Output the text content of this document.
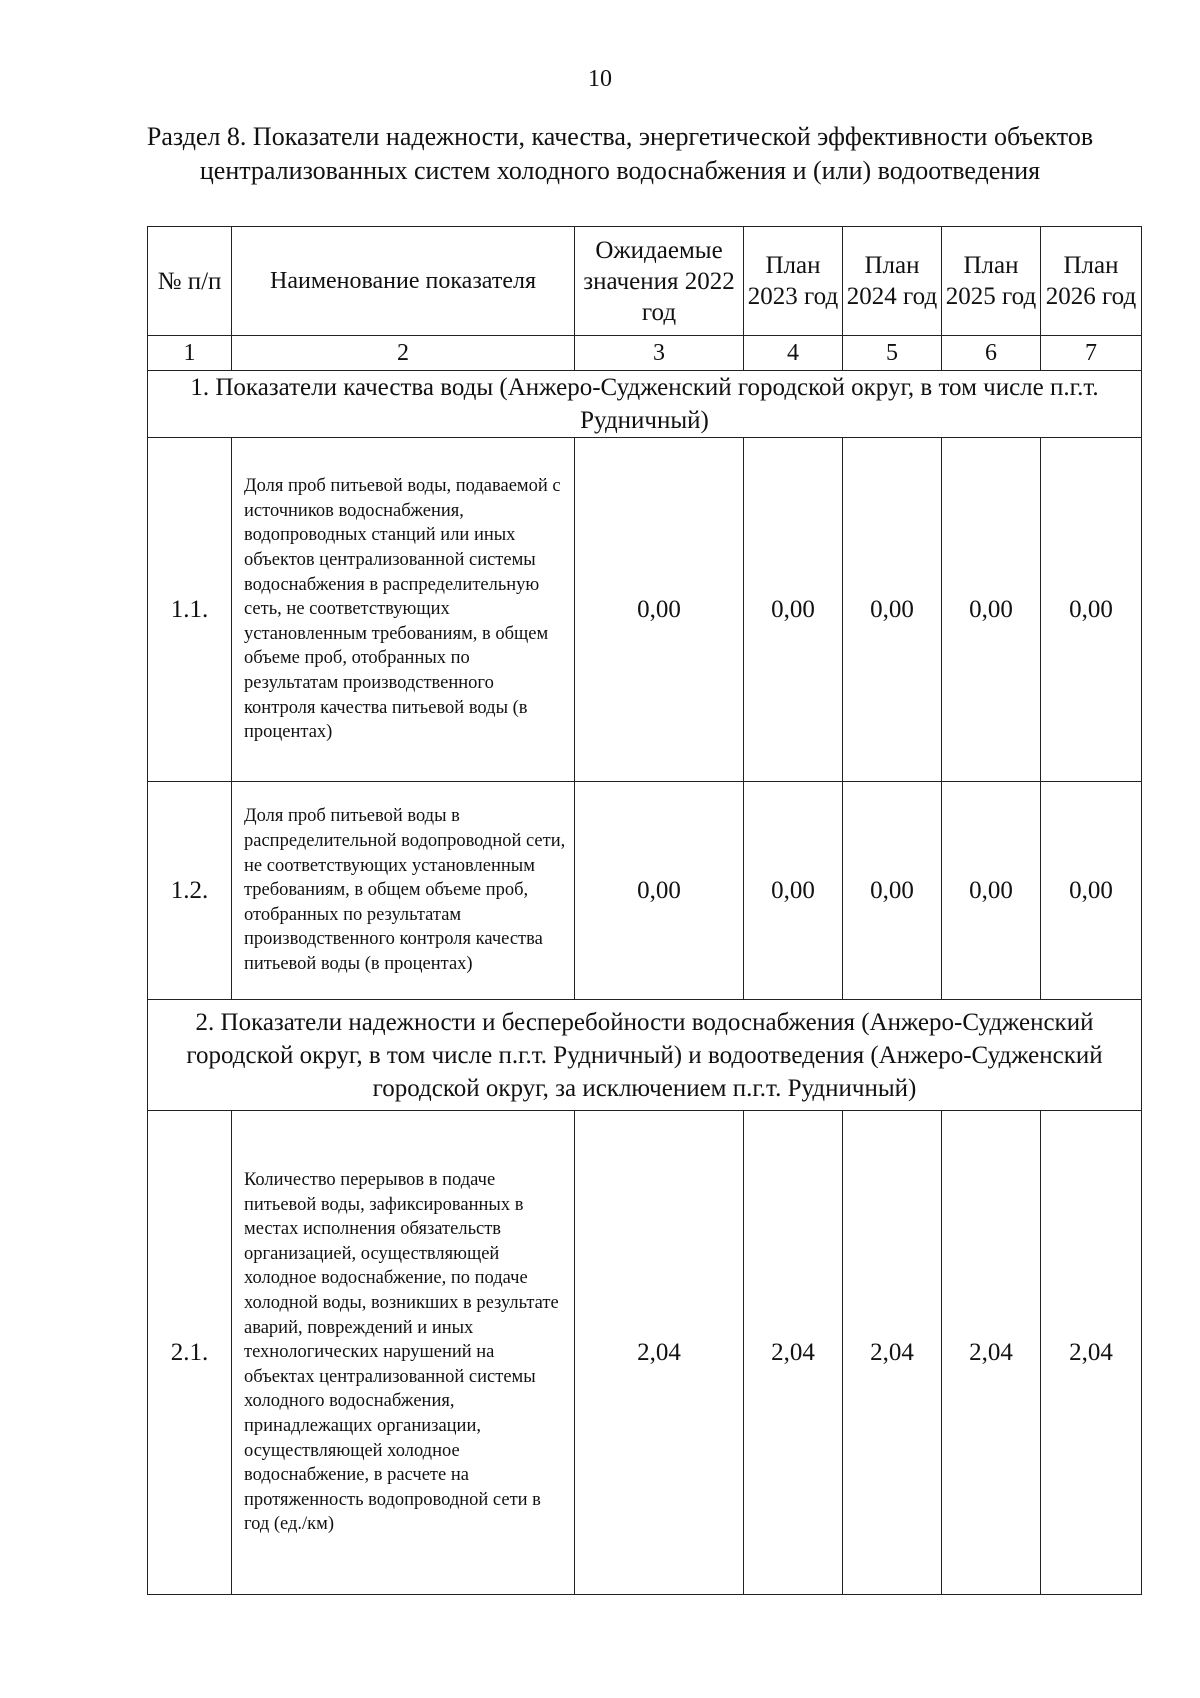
10
Раздел 8. Показатели надежности, качества, энергетической эффективности объектов
централизованных систем холодного водоснабжения и (или) водоотведения
№ п/п	Наименование показателя	Ожидаемые значения 2022 год	План 2023 год	План 2024 год	План 2025 год	План 2026 год
1	2	3	4	5	6	7
1. Показатели качества воды (Анжеро-Судженский городской округ, в том числе п.г.т. Рудничный)						
1.1.	Доля проб питьевой воды, подаваемой с источников водоснабжения, водопроводных станций или иных объектов централизованной системы водоснабжения в распределительную сеть, не соответствующих установленным требованиям, в общем объеме проб, отобранных по результатам производственного контроля качества питьевой воды (в процентах)	0,00	0,00	0,00	0,00	0,00
1.2.	Доля проб питьевой воды в распределительной водопроводной сети, не соответствующих установленным требованиям, в общем объеме проб, отобранных по результатам производственного контроля качества питьевой воды (в процентах)	0,00	0,00	0,00	0,00	0,00
2. Показатели надежности и бесперебойности водоснабжения (Анжеро-Судженский городской округ, в том числе п.г.т. Рудничный) и водоотведения (Анжеро-Судженский городской округ, за исключением п.г.т. Рудничный)						
2.1.	Количество перерывов в подаче питьевой воды, зафиксированных в местах исполнения обязательств организацией, осуществляющей холодное водоснабжение, по подаче холодной воды, возникших в результате аварий, повреждений и иных технологических нарушений на объектах централизованной системы холодного водоснабжения, принадлежащих организации, осуществляющей холодное водоснабжение, в расчете на протяженность водопроводной сети в год (ед./км)	2,04	2,04	2,04	2,04	2,04
